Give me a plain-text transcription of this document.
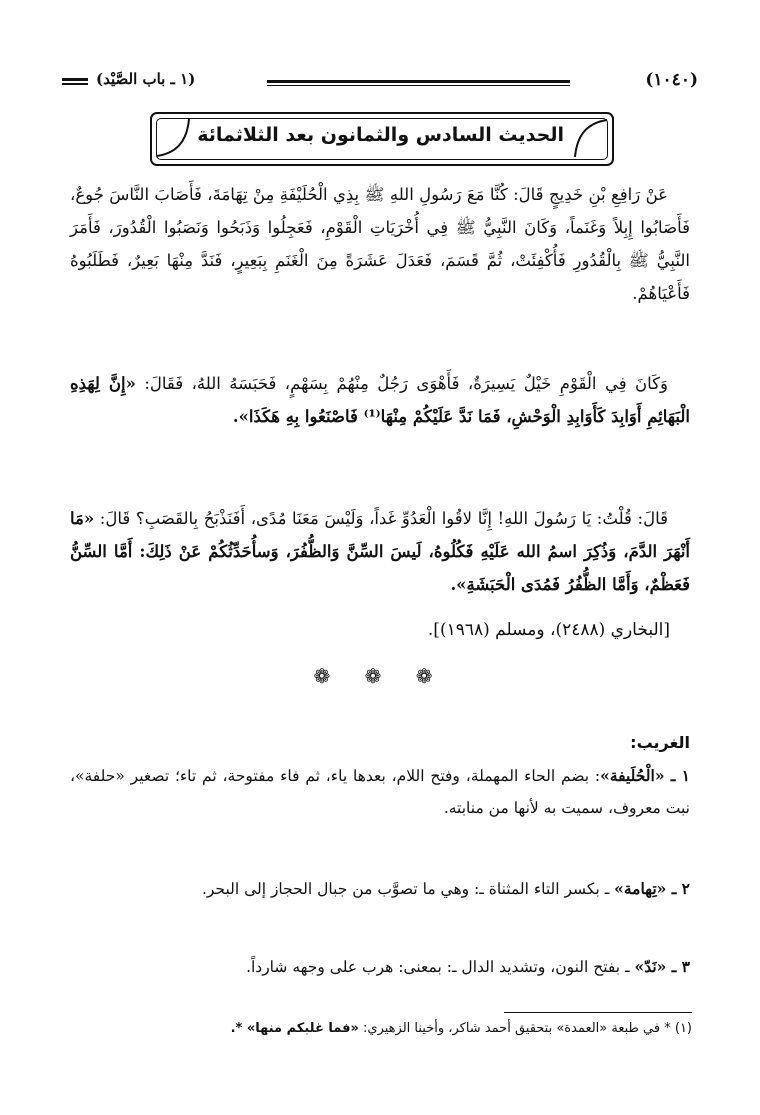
(١٠٤٠)
(١ ـ باب الصَّيْد)
الحديث السادس والثمانون بعد الثلاثمائة
عَنْ رَافِعِ بْنِ خَدِيجٍ قَالَ: كُنَّا مَعَ رَسُولِ اللهِ ﷺ بِذِي الْحُلَيْفَةِ مِنْ تِهَامَةَ، فَأَصَابَ النَّاسَ جُوعٌ، فَأَصَابُوا إِبِلاً وَغَنَماً، وَكَانَ النَّبِيُّ ﷺ فِي أُخْرَيَاتِ الْقَوْمِ، فَعَجِلُوا وَذَبَحُوا وَنَصَبُوا الْقُدُورَ، فَأَمَرَ النَّبِيُّ ﷺ بِالْقُدُورِ فَأُكْفِئَتْ، ثُمَّ قَسَمَ، فَعَدَلَ عَشَرَةً مِنَ الْغَنَمِ بِبَعِيرٍ، فَنَدَّ مِنْهَا بَعِيرٌ، فَطَلَبُوهُ فَأَعْيَاهُمْ.
وَكَانَ فِي الْقَوْمِ خَيْلٌ يَسِيرَةٌ، فَأَهْوَى رَجُلٌ مِنْهُمْ بِسَهْمٍ، فَحَبَسَهُ اللهُ، فَقَالَ: «إِنَّ لِهَذِهِ الْبَهَائِمِ أَوَابِدَ كَأَوَابِدِ الْوَحْشِ، فَمَا نَدَّ عَلَيْكُمْ مِنْهَا⁽¹⁾ فَاصْنَعُوا بِهِ هَكَذَا».
قَالَ: قُلْتُ: يَا رَسُولَ اللهِ! إِنَّا لاقُوا الْعَدُوِّ غَداً، وَلَيْسَ مَعَنَا مُدًى، أَفَنَذْبَحُ بِالقَصَبِ؟ قَالَ: «مَا أَنْهَرَ الدَّمَ، وَذُكِرَ اسمُ الله عَلَيْهِ فَكُلُوهُ، لَيسَ السِّنَّ وَالظُّفُرَ، وَسأُحَدِّثُكُمْ عَنْ ذَلِكَ: أَمَّا السِّنُّ فَعَظْمٌ، وَأَمَّا الظُّفُرُ فَمُدَى الْحَبَشَةِ».
[البخاري (٢٤٨٨)، ومسلم (١٩٦٨)].
❁ ❁ ❁
الغريب:
١ ـ «الْحُلَيفة»: بضم الحاء المهملة، وفتح اللام، بعدها ياء، ثم فاء مفتوحة، ثم تاء؛ تصغير «حلفة»، نبت معروف، سميت به لأنها من منابته.
٢ ـ «تِهامة» ـ بكسر التاء المثناة ـ: وهي ما تصوَّب من جبال الحجاز إلى البحر.
٣ ـ «نَدّ» ـ بفتح النون، وتشديد الدال ـ: بمعنى: هرب على وجهه شارداً.
(١) * في طبعة «العمدة» بتحقيق أحمد شاكر، وأخينا الزهيري: «فما غلبكم منها» *.
